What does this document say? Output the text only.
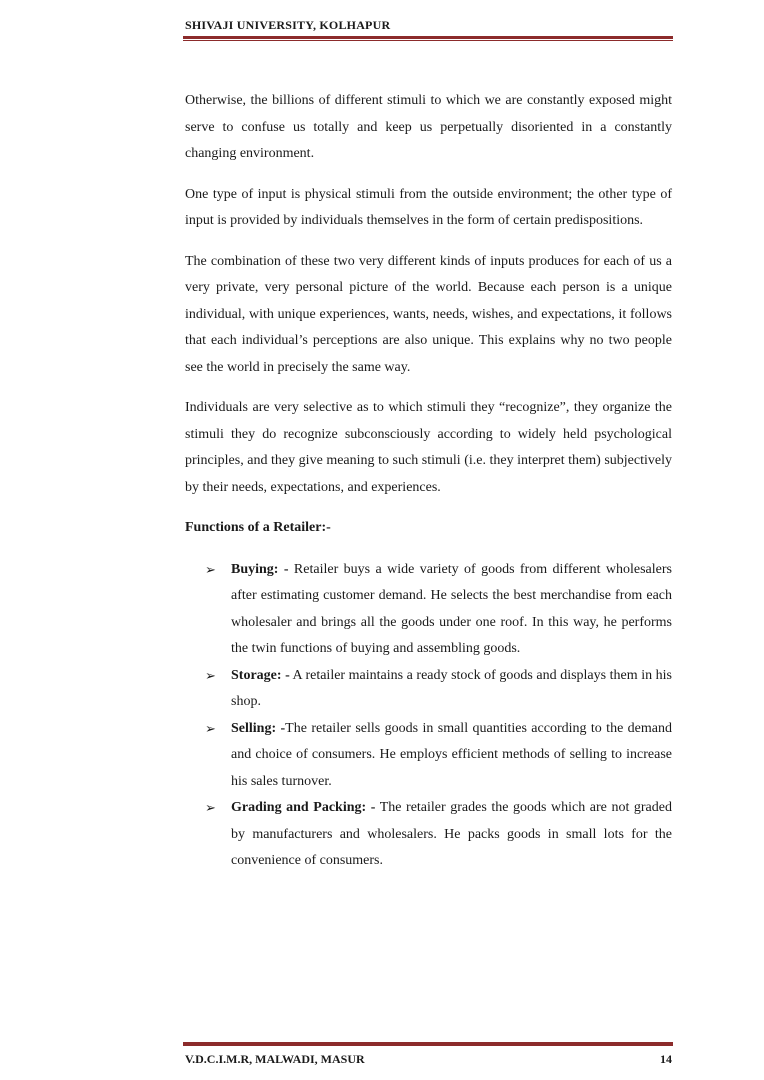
SHIVAJI UNIVERSITY, KOLHAPUR

Otherwise, the billions of different stimuli to which we are constantly exposed might serve to confuse us totally and keep us perpetually disoriented in a constantly changing environment.

One type of input is physical stimuli from the outside environment; the other type of input is provided by individuals themselves in the form of certain predispositions.

The combination of these two very different kinds of inputs produces for each of us a very private, very personal picture of the world. Because each person is a unique individual, with unique experiences, wants, needs, wishes, and expectations, it follows that each individual’s perceptions are also unique. This explains why no two people see the world in precisely the same way.

Individuals are very selective as to which stimuli they “recognize”, they organize the stimuli they do recognize subconsciously according to widely held psychological principles, and they give meaning to such stimuli (i.e. they interpret them) subjectively by their needs, expectations, and experiences.

Functions of a Retailer:-

➢ Buying: - Retailer buys a wide variety of goods from different wholesalers after estimating customer demand. He selects the best merchandise from each wholesaler and brings all the goods under one roof. In this way, he performs the twin functions of buying and assembling goods.
➢ Storage: - A retailer maintains a ready stock of goods and displays them in his shop.
➢ Selling: -The retailer sells goods in small quantities according to the demand and choice of consumers. He employs efficient methods of selling to increase his sales turnover.
➢ Grading and Packing: - The retailer grades the goods which are not graded by manufacturers and wholesalers. He packs goods in small lots for the convenience of consumers.
V.D.C.I.M.R, MALWADI, MASUR	14
